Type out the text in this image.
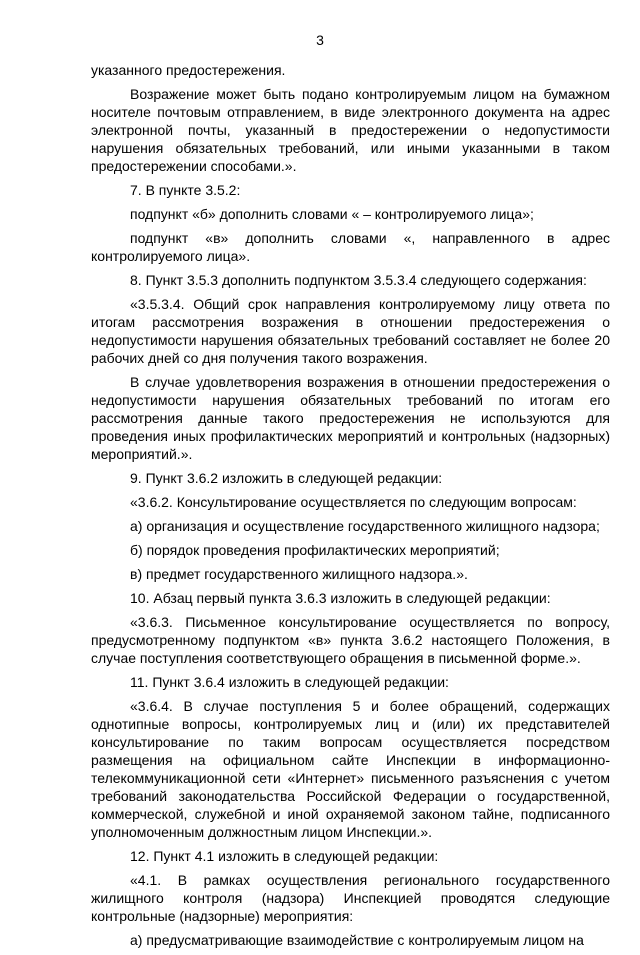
3

указанного предостережения.

Возражение может быть подано контролируемым лицом на бумажном носителе почтовым отправлением, в виде электронного документа на адрес электронной почты, указанный в предостережении о недопустимости нарушения обязательных требований, или иными указанными в таком предостережении способами.».

7. В пункте 3.5.2:

подпункт «б» дополнить словами « – контролируемого лица»;

подпункт «в» дополнить словами «, направленного в адрес контролируемого лица».

8. Пункт 3.5.3 дополнить подпунктом 3.5.3.4 следующего содержания:

«3.5.3.4. Общий срок направления контролируемому лицу ответа по итогам рассмотрения возражения в отношении предостережения о недопустимости нарушения обязательных требований составляет не более 20 рабочих дней со дня получения такого возражения.

В случае удовлетворения возражения в отношении предостережения о недопустимости нарушения обязательных требований по итогам его рассмотрения данные такого предостережения не используются для проведения иных профилактических мероприятий и контрольных (надзорных) мероприятий.».

9. Пункт 3.6.2 изложить в следующей редакции:

«3.6.2. Консультирование осуществляется по следующим вопросам:

а) организация и осуществление государственного жилищного надзора;

б) порядок проведения профилактических мероприятий;

в) предмет государственного жилищного надзора.».

10. Абзац первый пункта 3.6.3 изложить в следующей редакции:

«3.6.3. Письменное консультирование осуществляется по вопросу, предусмотренному подпунктом «в» пункта 3.6.2 настоящего Положения, в случае поступления соответствующего обращения в письменной форме.».

11. Пункт 3.6.4 изложить в следующей редакции:

«3.6.4. В случае поступления 5 и более обращений, содержащих однотипные вопросы, контролируемых лиц и (или) их представителей консультирование по таким вопросам осуществляется посредством размещения на официальном сайте Инспекции в информационно-телекоммуникационной сети «Интернет» письменного разъяснения с учетом требований законодательства Российской Федерации о государственной, коммерческой, служебной и иной охраняемой законом тайне, подписанного уполномоченным должностным лицом Инспекции.».

12. Пункт 4.1 изложить в следующей редакции:

«4.1. В рамках осуществления регионального государственного жилищного контроля (надзора) Инспекцией проводятся следующие контрольные (надзорные) мероприятия:

а) предусматривающие взаимодействие с контролируемым лицом на
